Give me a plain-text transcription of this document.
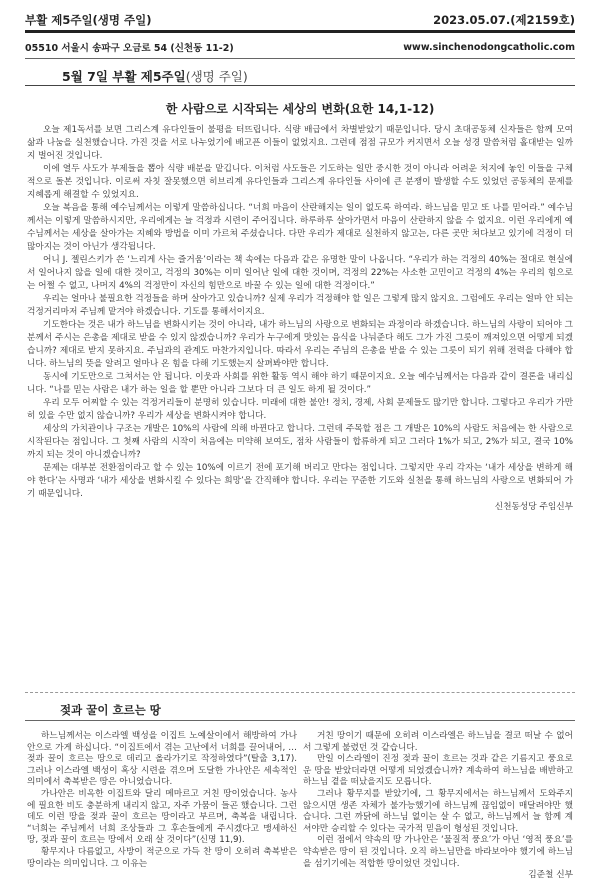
부활 제5주일(생명 주일)	2023.05.07.(제2159호)
05510 서울시 송파구 오금로 54 (신천동 11-2)	www.sinchenodongcatholic.com
5월 7일 부활 제5주일(생명 주일)
한 사람으로 시작되는 세상의 변화(요한 14,1-12)

오늘 제1독서를 보면 그리스계 유다인들이 불평을 터뜨립니다. 식량 배급에서 차별받았기 때문입니다. 당시 초대공동체 신자들은 함께 모여 삶과 나눔을 실천했습니다. 가진 것을 서로 나누었기에 배고픈 이들이 없었지요. 그런데 점점 규모가 커지면서 오늘 성경 말씀처럼 홀대받는 일까지 벌어진 것입니다.

이에 열두 사도가 부제들을 뽑아 식량 배분을 맡깁니다. 이처럼 사도들은 기도하는 일만 중시한 것이 아니라 어려운 처지에 놓인 이들을 구체적으로 돌본 것입니다. 이로써 자칫 잘못했으면 히브리계 유다인들과 그리스계 유다인들 사이에 큰 분쟁이 발생할 수도 있었던 공동체의 문제를 지혜롭게 해결할 수 있었지요.

오늘 복음을 통해 예수님께서는 이렇게 말씀하십니다. “너희 마음이 산란해지는 일이 없도록 하여라. 하느님을 믿고 또 나를 믿어라.” 예수님께서는 이렇게 말씀하시지만, 우리에게는 늘 걱정과 시련이 주어집니다. 하루하루 살아가면서 마음이 산란하지 않을 수 없지요. 이런 우리에게 예수님께서는 세상을 살아가는 지혜와 방법을 이미 가르쳐 주셨습니다. 다만 우리가 제대로 실천하지 않고는, 다른 곳만 쳐다보고 있기에 걱정이 더 많아지는 것이 아닌가 생각됩니다.

어니 J. 젤린스키가 쓴 ‘느리게 사는 즐거움’이라는 책 속에는 다음과 같은 유명한 말이 나옵니다. “우리가 하는 걱정의 40%는 절대로 현실에서 일어나지 않을 일에 대한 것이고, 걱정의 30%는 이미 일어난 일에 대한 것이며, 걱정의 22%는 사소한 고민이고 걱정의 4%는 우리의 힘으로는 어쩔 수 없고, 나머지 4%의 걱정만이 자신의 힘만으로 바꿀 수 있는 일에 대한 걱정이다.”

우리는 얼마나 불필요한 걱정들을 하며 살아가고 있습니까? 실제 우리가 걱정해야 할 일은 그렇게 많지 않지요. 그럼에도 우리는 얼마 안 되는 걱정거리마저 주님께 맡겨야 하겠습니다. 기도를 통해서이지요.

기도한다는 것은 내가 하느님을 변화시키는 것이 아니라, 내가 하느님의 사랑으로 변화되는 과정이라 하겠습니다. 하느님의 사랑이 되어야 그분께서 주시는 은총을 제대로 받을 수 있지 않겠습니까? 우리가 누구에게 맛있는 음식을 나눠준다 해도 그가 가진 그릇이 깨져있으면 어떻게 되겠습니까? 제대로 받지 못하지요. 주님과의 관계도 마찬가지입니다. 따라서 우리는 주님의 은총을 받을 수 있는 그릇이 되기 위해 전력을 다해야 합니다. 하느님의 뜻을 알려고 얼마나 온 힘을 다해 기도했는지 살펴봐야만 합니다.

동시에 기도만으로 그쳐서는 안 됩니다. 이웃과 사회를 위한 활동 역시 해야 하기 때문이지요. 오늘 예수님께서는 다음과 같이 결론을 내리십니다. “나를 믿는 사람은 내가 하는 일을 할 뿐만 아니라 그보다 더 큰 일도 하게 될 것이다.”

우리 모두 어찌할 수 있는 걱정거리들이 분명히 있습니다. 미래에 대한 불안! 정치, 경제, 사회 문제들도 많기만 합니다. 그렇다고 우리가 가만히 있을 수만 없지 않습니까? 우리가 세상을 변화시켜야 합니다.

세상의 가치관이나 구조는 개발은 10%의 사람에 의해 바뀐다고 합니다. 그런데 주목할 점은 그 개발은 10%의 사람도 처음에는 한 사람으로 시작된다는 점입니다. 그 첫째 사람의 시작이 처음에는 미약해 보여도, 점차 사람들이 합류하게 되고 그러다 1%가 되고, 2%가 되고, 결국 10%까지 되는 것이 아니겠습니까?

문제는 대부분 전환점이라고 할 수 있는 10%에 이르기 전에 포기해 버리고 만다는 점입니다. 그렇지만 우리 각자는 ‘내가 세상을 변하게 해야 한다’는 사명과 ‘내가 세상을 변화시킬 수 있다는 희망’을 간직해야 합니다. 우리는 꾸준한 기도와 실천을 통해 하느님의 사랑으로 변화되어 가기 때문입니다.

신천동성당 주임신부
젖과 꿀이 흐르는 땅

하느님께서는 이스라엘 백성을 이집트 노예살이에서 해방하여 가나안으로 가게 하십니다. “이집트에서 겪는 고난에서 너희를 끌어내어, … 젖과 꿀이 흐르는 땅으로 데리고 올라가기로 작정하였다”(탈출 3,17). 그러나 이스라엘 백성이 혹상 시련을 겪으며 도달한 가나안은 세속적인 의미에서 축복받은 땅은 아니었습니다.

가나안은 비옥한 이집트와 달리 메마르고 거친 땅이었습니다. 농사에 필요한 비도 충분하게 내리지 않고, 자주 가뭄이 들곤 했습니다. 그런데도 이런 땅을 젖과 꿀이 흐르는 땅이라고 부르며, 축복을 내립니다. “너희는 주님께서 너희 조상들과 그 후손들에게 주시겠다고 맹세하신 땅, 젖과 꿀이 흐르는 땅에서 오래 살 것이다”(신명 11,9).

황무지나 다름없고, 사방이 적군으로 가득 찬 땅이 오히려 축복받은 땅이라는 의미입니다. 그 이유는

거친 땅이기 때문에 오히려 이스라엘은 하느님을 결코 떠날 수 없어서 그렇게 불렸던 것 같습니다.

만일 이스라엘이 진정 젖과 꿀이 흐르는 것과 같은 기름지고 풍요로운 땅을 받았더라면 어떻게 되었겠습니까? 계속하여 하느님을 배반하고 하느님 곁을 떠났을지도 모릅니다.

그러나 황무지를 받았기에, 그 황무지에서는 하느님께서 도와주지 않으시면 생존 자체가 불가능했기에 하느님께 끊임없이 매달려야만 했습니다. 그런 까닭에 하느님 없이는 살 수 없고, 하느님께서 늘 함께 계셔야만 승리할 수 있다는 국가적 믿음이 형성된 것입니다.

이런 점에서 약속의 땅 가나안은 ‘물질적 풍요’가 아닌 ‘영적 풍요’를 약속받은 땅이 된 것입니다. 오직 하느님만을 바라보아야 했기에 하느님을 섬기기에는 적합한 땅이었던 것입니다.

김준철 신부
